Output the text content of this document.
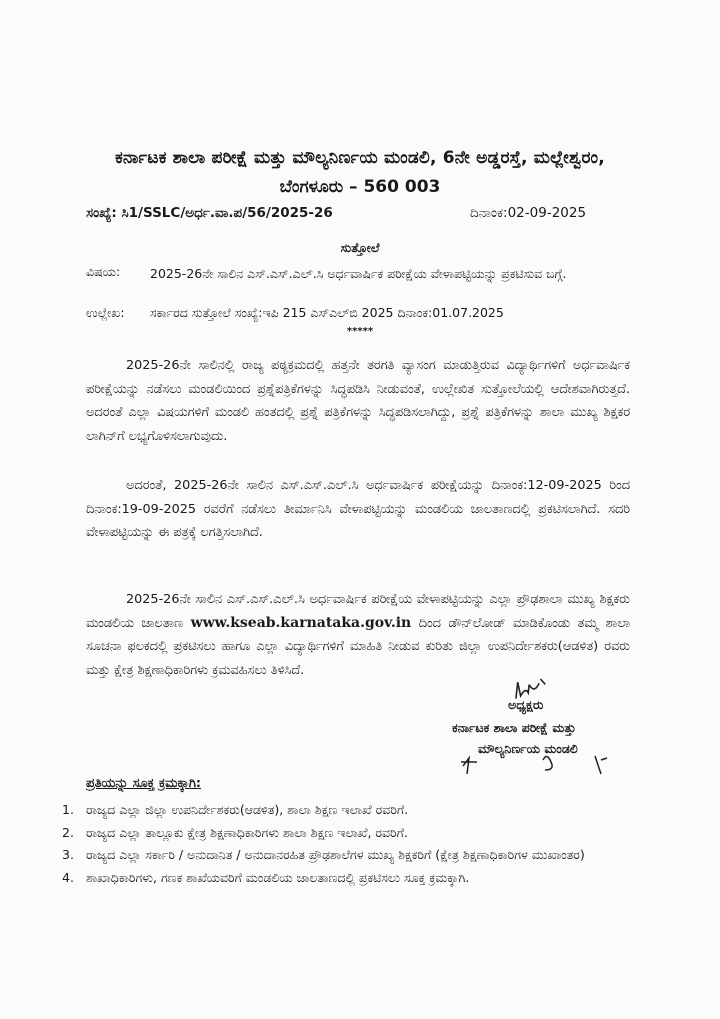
ಕರ್ನಾಟಕ ಶಾಲಾ ಪರೀಕ್ಷೆ ಮತ್ತು ಮೌಲ್ಯನಿರ್ಣಯ ಮಂಡಲಿ, 6ನೇ ಅಡ್ಡರಸ್ತೆ, ಮಲ್ಲೇಶ್ವರಂ,
ಬೆಂಗಳೂರು – 560 003
ಸಂಖ್ಯೆ: ಸಿ1/SSLC/ಅರ್ಧ.ವಾ.ಪ/56/2025-26	ದಿನಾಂಕ:02-09-2025
ಸುತ್ತೋಲೆ
ವಿಷಯ: 2025-26ನೇ ಸಾಲಿನ ಎಸ್.ಎಸ್.ಎಲ್.ಸಿ ಅರ್ಧವಾರ್ಷಿಕ ಪರೀಕ್ಷೆಯ ವೇಳಾಪಟ್ಟಿಯನ್ನು ಪ್ರಕಟಿಸುವ ಬಗ್ಗೆ.
ಉಲ್ಲೇಖ: ಸರ್ಕಾರದ ಸುತ್ತೋಲೆ ಸಂಖ್ಯೆ:ಇಪಿ 215 ಎಸ್‌ಎಲ್‌ಬಿ 2025 ದಿನಾಂಕ:01.07.2025
*****
2025-26ನೇ ಸಾಲಿನಲ್ಲಿ ರಾಜ್ಯ ಪಠ್ಯಕ್ರಮದಲ್ಲಿ ಹತ್ತನೇ ತರಗತಿ ವ್ಯಾಸಂಗ ಮಾಡುತ್ತಿರುವ ವಿದ್ಯಾರ್ಥಿಗಳಿಗೆ ಅರ್ಧವಾರ್ಷಿಕ ಪರೀಕ್ಷೆಯನ್ನು ನಡೆಸಲು ಮಂಡಲಿಯಿಂದ ಪ್ರಶ್ನೆಪತ್ರಿಕೆಗಳನ್ನು ಸಿದ್ಧಪಡಿಸಿ ನೀಡುವಂತೆ, ಉಲ್ಲೇಖಿತ ಸುತ್ತೋಲೆಯಲ್ಲಿ ಆದೇಶವಾಗಿರುತ್ತದೆ. ಅದರಂತೆ ಎಲ್ಲಾ ವಿಷಯಗಳಿಗೆ ಮಂಡಲಿ ಹಂತದಲ್ಲಿ ಪ್ರಶ್ನೆ ಪತ್ರಿಕೆಗಳನ್ನು ಸಿದ್ಧಪಡಿಸಲಾಗಿದ್ದು, ಪ್ರಶ್ನೆ ಪತ್ರಿಕೆಗಳನ್ನು ಶಾಲಾ ಮುಖ್ಯ ಶಿಕ್ಷಕರ ಲಾಗಿನ್‌ಗೆ ಲಭ್ಯಗೊಳಿಸಲಾಗುವುದು.
ಅದರಂತೆ, 2025-26ನೇ ಸಾಲಿನ ಎಸ್.ಎಸ್.ಎಲ್.ಸಿ ಅರ್ಧವಾರ್ಷಿಕ ಪರೀಕ್ಷೆಯನ್ನು ದಿನಾಂಕ:12-09-2025 ರಿಂದ ದಿನಾಂಕ:19-09-2025 ರವರೆಗೆ ನಡೆಸಲು ತೀರ್ಮಾನಿಸಿ ವೇಳಾಪಟ್ಟಿಯನ್ನು ಮಂಡಲಿಯ ಜಾಲತಾಣದಲ್ಲಿ ಪ್ರಕಟಿಸಲಾಗಿದೆ. ಸದರಿ ವೇಳಾಪಟ್ಟಿಯನ್ನು ಈ ಪತ್ರಕ್ಕೆ ಲಗತ್ತಿಸಲಾಗಿದೆ.
2025-26ನೇ ಸಾಲಿನ ಎಸ್.ಎಸ್.ಎಲ್.ಸಿ ಅರ್ಧವಾರ್ಷಿಕ ಪರೀಕ್ಷೆಯ ವೇಳಾಪಟ್ಟಿಯನ್ನು ಎಲ್ಲಾ ಪ್ರೌಢಶಾಲಾ ಮುಖ್ಯ ಶಿಕ್ಷಕರು ಮಂಡಲಿಯ ಜಾಲತಾಣ www.kseab.karnataka.gov.in ದಿಂದ ಡೌನ್‌ಲೋಡ್ ಮಾಡಿಕೊಂಡು ತಮ್ಮ ಶಾಲಾ ಸೂಚನಾ ಫಲಕದಲ್ಲಿ ಪ್ರಕಟಿಸಲು ಹಾಗೂ ಎಲ್ಲಾ ವಿದ್ಯಾರ್ಥಿಗಳಿಗೆ ಮಾಹಿತಿ ನೀಡುವ ಕುರಿತು ಜಿಲ್ಲಾ ಉಪನಿರ್ದೇಶಕರು(ಆಡಳಿತ) ರವರು ಮತ್ತು ಕ್ಷೇತ್ರ ಶಿಕ್ಷಣಾಧಿಕಾರಿಗಳು ಕ್ರಮವಹಿಸಲು ತಿಳಿಸಿದೆ.
ಅಧ್ಯಕ್ಷರು
ಕರ್ನಾಟಕ ಶಾಲಾ ಪರೀಕ್ಷೆ ಮತ್ತು
ಮೌಲ್ಯನಿರ್ಣಯ ಮಂಡಲಿ
ಪ್ರತಿಯನ್ನು ಸೂಕ್ತ ಕ್ರಮಕ್ಕಾಗಿ:
1. ರಾಜ್ಯದ ಎಲ್ಲಾ ಜಿಲ್ಲಾ ಉಪನಿರ್ದೇಶಕರು(ಆಡಳಿತ), ಶಾಲಾ ಶಿಕ್ಷಣ ಇಲಾಖೆ ರವರಿಗೆ.
2. ರಾಜ್ಯದ ಎಲ್ಲಾ ತಾಲ್ಲೂಕು ಕ್ಷೇತ್ರ ಶಿಕ್ಷಣಾಧಿಕಾರಿಗಳು ಶಾಲಾ ಶಿಕ್ಷಣ ಇಲಾಖೆ, ರವರಿಗೆ.
3. ರಾಜ್ಯದ ಎಲ್ಲಾ ಸರ್ಕಾರಿ / ಅನುದಾನಿತ / ಅನುದಾನರಹಿತ ಪ್ರೌಢಶಾಲೆಗಳ ಮುಖ್ಯ ಶಿಕ್ಷಕರಿಗೆ (ಕ್ಷೇತ್ರ ಶಿಕ್ಷಣಾಧಿಕಾರಿಗಳ ಮುಖಾಂತರ)
4. ಶಾಖಾಧಿಕಾರಿಗಳು, ಗಣಕ ಶಾಖೆಯವರಿಗೆ ಮಂಡಲಿಯ ಜಾಲತಾಣದಲ್ಲಿ ಪ್ರಕಟಿಸಲು ಸೂಕ್ತ ಕ್ರಮಕ್ಕಾಗಿ.
